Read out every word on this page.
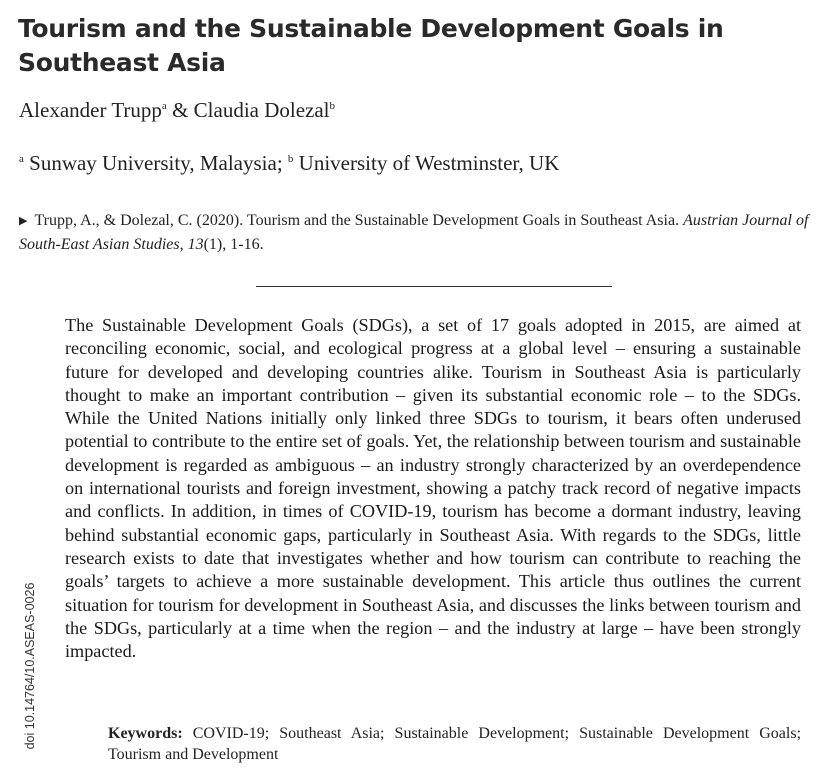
Tourism and the Sustainable Development Goals in Southeast Asia
Alexander Trupp$^a$ & Claudia Dolezal$^b$
$^a$ Sunway University, Malaysia; $^b$ University of Westminster, UK
▶ Trupp, A., & Dolezal, C. (2020). Tourism and the Sustainable Development Goals in Southeast Asia. Austrian Journal of South-East Asian Studies, 13(1), 1-16.

The Sustainable Development Goals (SDGs), a set of 17 goals adopted in 2015, are aimed at reconciling economic, social, and ecological progress at a global level – ensuring a sustainable future for developed and developing countries alike. Tourism in Southeast Asia is particularly thought to make an important contribution – given its substantial economic role – to the SDGs. While the United Nations initially only linked three SDGs to tourism, it bears often underused potential to contribute to the entire set of goals. Yet, the relationship between tourism and sustainable development is regarded as ambiguous – an industry strongly characterized by an overdependence on international tourists and foreign investment, showing a patchy track record of negative impacts and conflicts. In addition, in times of COVID-19, tourism has become a dormant industry, leaving behind substantial economic gaps, particularly in Southeast Asia. With regards to the SDGs, little research exists to date that investigates whether and how tourism can contribute to reaching the goals’ targets to achieve a more sustainable development. This article thus outlines the current situation for tourism for development in Southeast Asia, and discusses the links between tourism and the SDGs, particularly at a time when the region – and the industry at large – have been strongly impacted.

Keywords: COVID-19; Southeast Asia; Sustainable Development; Sustainable Development Goals; Tourism and Development

doi 10.14764/10.ASEAS-0026
